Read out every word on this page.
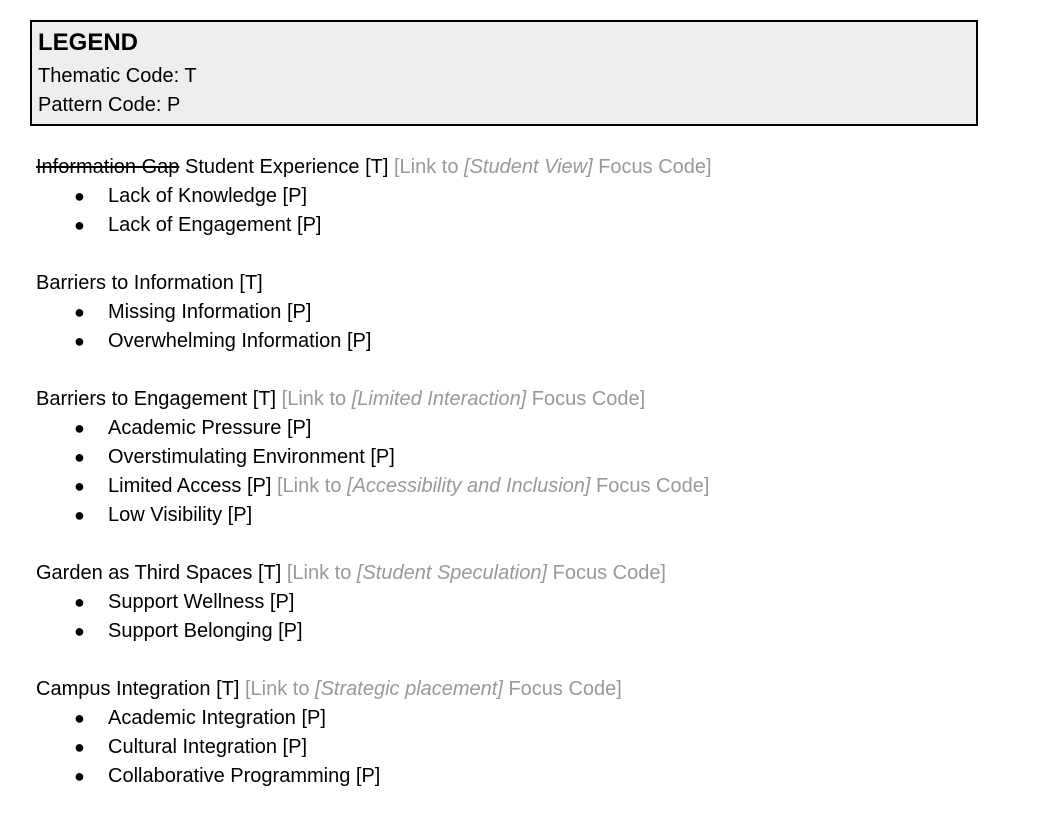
LEGEND
Thematic Code: T
Pattern Code: P
Information Gap Student Experience [T] [Link to [Student View] Focus Code]
● Lack of Knowledge [P]
● Lack of Engagement [P]
Barriers to Information [T]
● Missing Information [P]
● Overwhelming Information [P]
Barriers to Engagement [T] [Link to [Limited Interaction] Focus Code]
● Academic Pressure [P]
● Overstimulating Environment [P]
● Limited Access [P] [Link to [Accessibility and Inclusion] Focus Code]
● Low Visibility [P]
Garden as Third Spaces [T] [Link to [Student Speculation] Focus Code]
● Support Wellness [P]
● Support Belonging [P]
Campus Integration [T] [Link to [Strategic placement] Focus Code]
● Academic Integration [P]
● Cultural Integration [P]
● Collaborative Programming [P]
